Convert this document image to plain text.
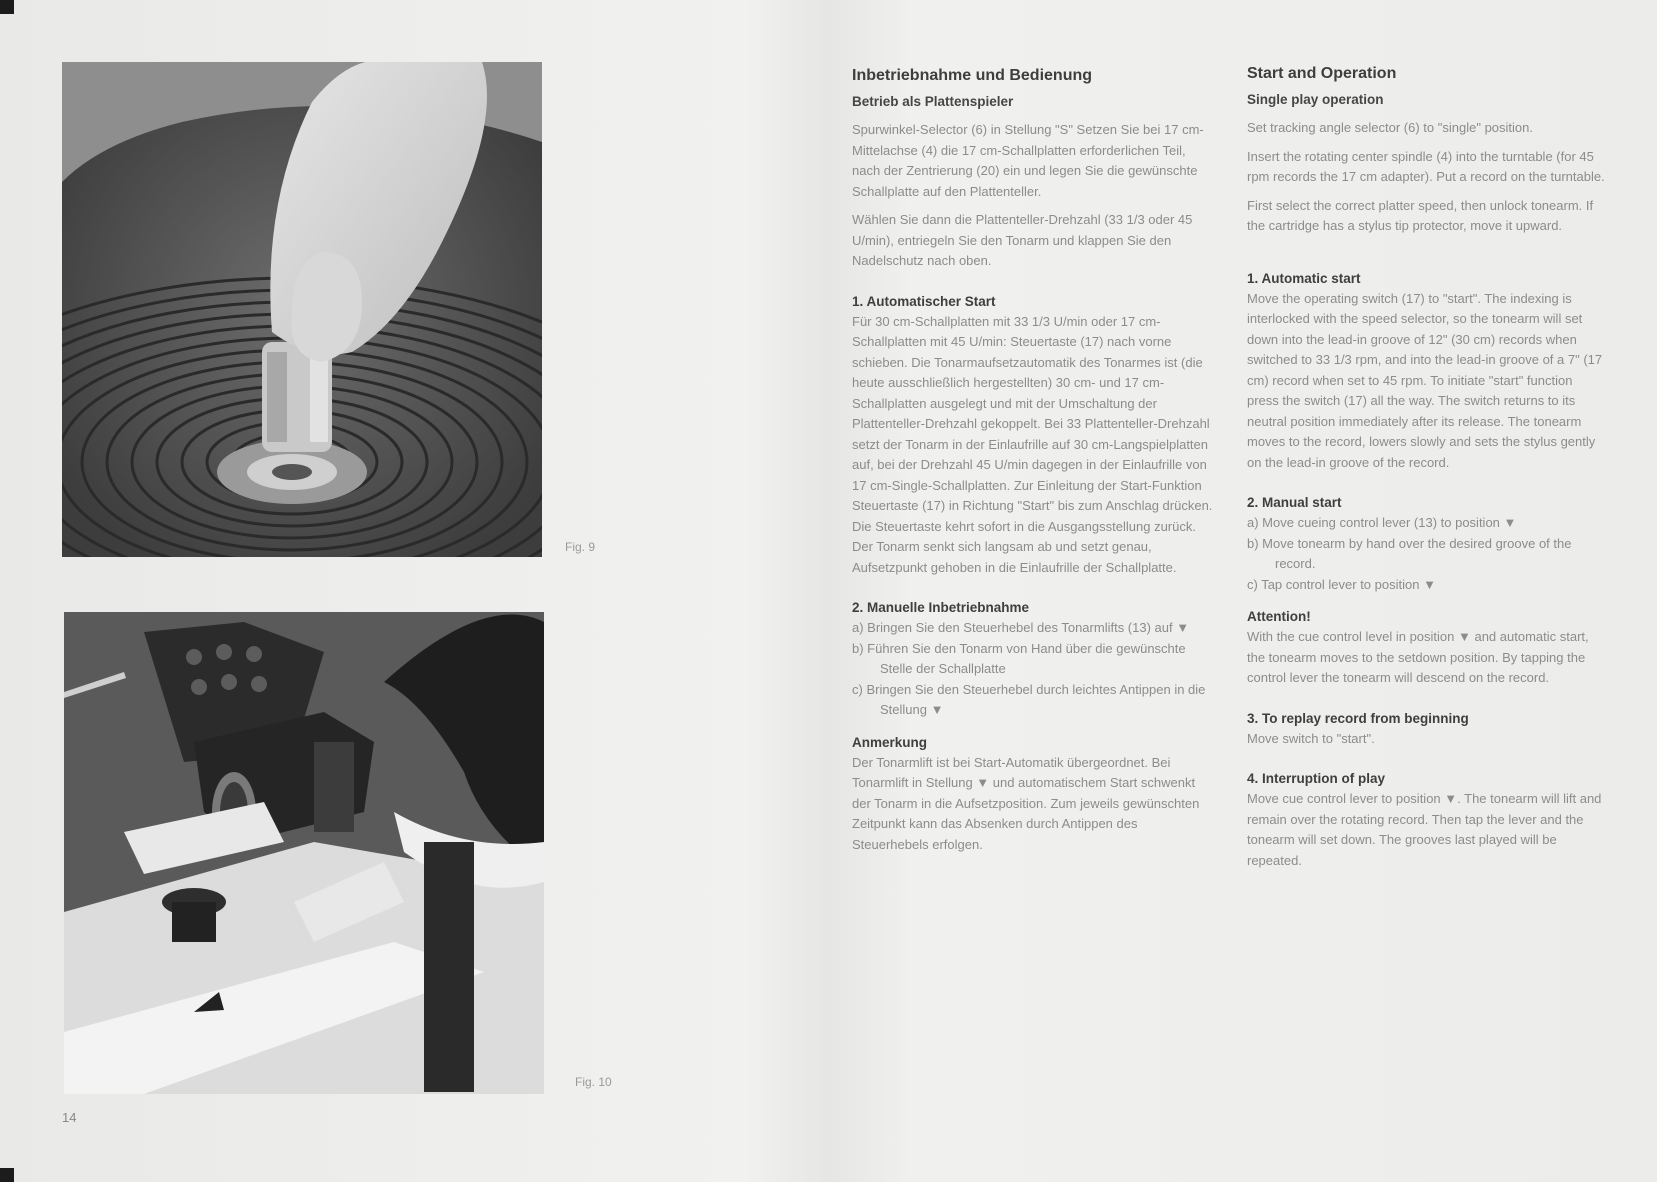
Fig. 9
Fig. 10
14
Inbetriebnahme und Bedienung
Betrieb als Plattenspieler

Spurwinkel-Selector (6) in Stellung "S" Setzen Sie bei 17 cm-Mittelachse (4) die 17 cm-Schallplatten erforderlichen Teil, nach der Zentrierung (20) ein und legen Sie die gewünschte Schallplatte auf den Plattenteller.

Wählen Sie dann die Plattenteller-Drehzahl (33 1/3 oder 45 U/min), entriegeln Sie den Tonarm und klappen Sie den Nadelschutz nach oben.

1. Automatischer Start

Für 30 cm-Schallplatten mit 33 1/3 U/min oder 17 cm-Schallplatten mit 45 U/min: Steuertaste (17) nach vorne schieben. Die Tonarmaufsetzautomatik des Tonarmes ist (die heute ausschließlich hergestellten) 30 cm- und 17 cm-Schallplatten ausgelegt und mit der Umschaltung der Plattenteller-Drehzahl gekoppelt. Bei 33 Plattenteller-Drehzahl setzt der Tonarm in der Einlaufrille auf 30 cm-Langspielplatten auf, bei der Drehzahl 45 U/min dagegen in der Einlaufrille von 17 cm-Single-Schallplatten. Zur Einleitung der Start-Funktion Steuertaste (17) in Richtung "Start" bis zum Anschlag drücken. Die Steuertaste kehrt sofort in die Ausgangsstellung zurück. Der Tonarm senkt sich langsam ab und setzt genau, Aufsetzpunkt gehoben in die Einlaufrille der Schallplatte.

2. Manuelle Inbetriebnahme

a) Bringen Sie den Steuerhebel des Tonarmlifts (13) auf ▼

b) Führen Sie den Tonarm von Hand über die gewünschte Stelle der Schallplatte

c) Bringen Sie den Steuerhebel durch leichtes Antippen in die Stellung ▼

Anmerkung

Der Tonarmlift ist bei Start-Automatik übergeordnet. Bei Tonarmlift in Stellung ▼ und automatischem Start schwenkt der Tonarm in die Aufsetzposition. Zum jeweils gewünschten Zeitpunkt kann das Absenken durch Antippen des Steuerhebels erfolgen.

Start and Operation
Single play operation

Set tracking angle selector (6) to "single" position.

Insert the rotating center spindle (4) into the turntable (for 45 rpm records the 17 cm adapter). Put a record on the turntable.

First select the correct platter speed, then unlock tonearm. If the cartridge has a stylus tip protector, move it upward.

1. Automatic start

Move the operating switch (17) to "start". The indexing is interlocked with the speed selector, so the tonearm will set down into the lead-in groove of 12" (30 cm) records when switched to 33 1/3 rpm, and into the lead-in groove of a 7" (17 cm) record when set to 45 rpm. To initiate "start" function press the switch (17) all the way. The switch returns to its neutral position immediately after its release. The tonearm moves to the record, lowers slowly and sets the stylus gently on the lead-in groove of the record.

2. Manual start

a) Move cueing control lever (13) to position ▼

b) Move tonearm by hand over the desired groove of the record.

c) Tap control lever to position ▼

Attention!

With the cue control level in position ▼ and automatic start, the tonearm moves to the setdown position. By tapping the control lever the tonearm will descend on the record.

3. To replay record from beginning

Move switch to "start".

4. Interruption of play

Move cue control lever to position ▼. The tonearm will lift and remain over the rotating record. Then tap the lever and the tonearm will set down. The grooves last played will be repeated.
